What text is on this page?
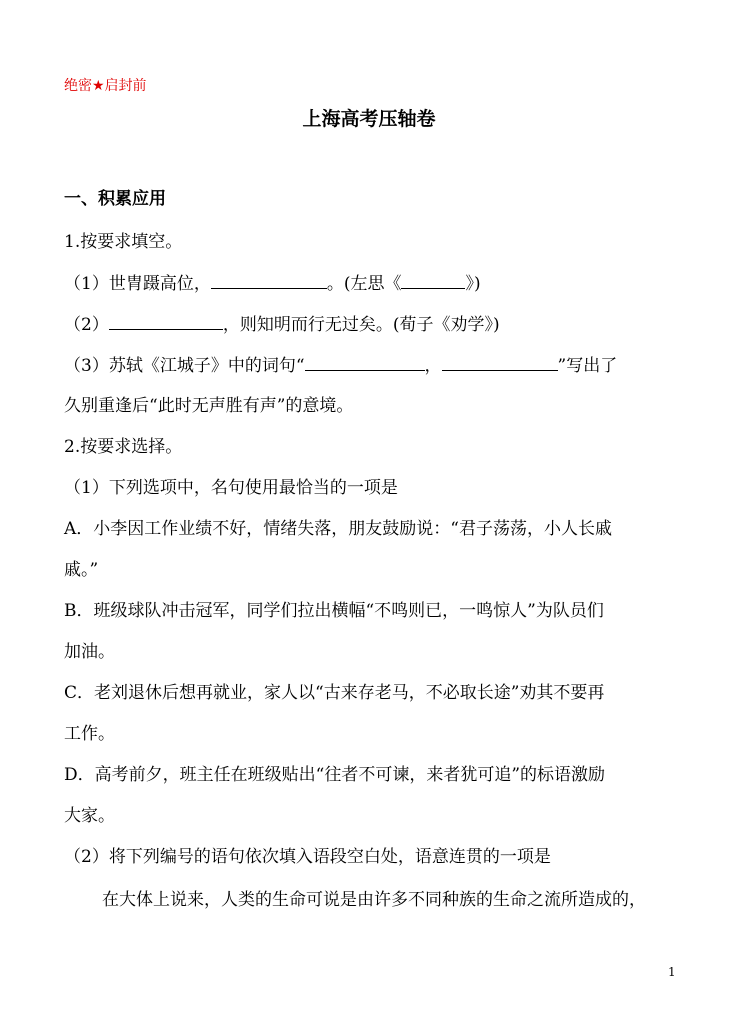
绝密★启封前
上海高考压轴卷
一、积累应用
1.按要求填空。
（1）世胄蹑高位，	。(左思《	》)
（2）	，则知明而行无过矣。(荀子《劝学》)
（3）苏轼《江城子》中的词句“	，	”写出了
久别重逢后“此时无声胜有声”的意境。
2.按要求选择。
（1）下列选项中，名句使用最恰当的一项是
A．小李因工作业绩不好，情绪失落，朋友鼓励说：“君子荡荡，小人长戚
戚。”
B．班级球队冲击冠军，同学们拉出横幅“不鸣则已，一鸣惊人”为队员们
加油。
C．老刘退休后想再就业，家人以“古来存老马，不必取长途”劝其不要再
工作。
D．高考前夕，班主任在班级贴出“往者不可谏，来者犹可追”的标语激励
大家。
（2）将下列编号的语句依次填入语段空白处，语意连贯的一项是
在大体上说来，人类的生命可说是由许多不同种族的生命之流所造成的，
1
